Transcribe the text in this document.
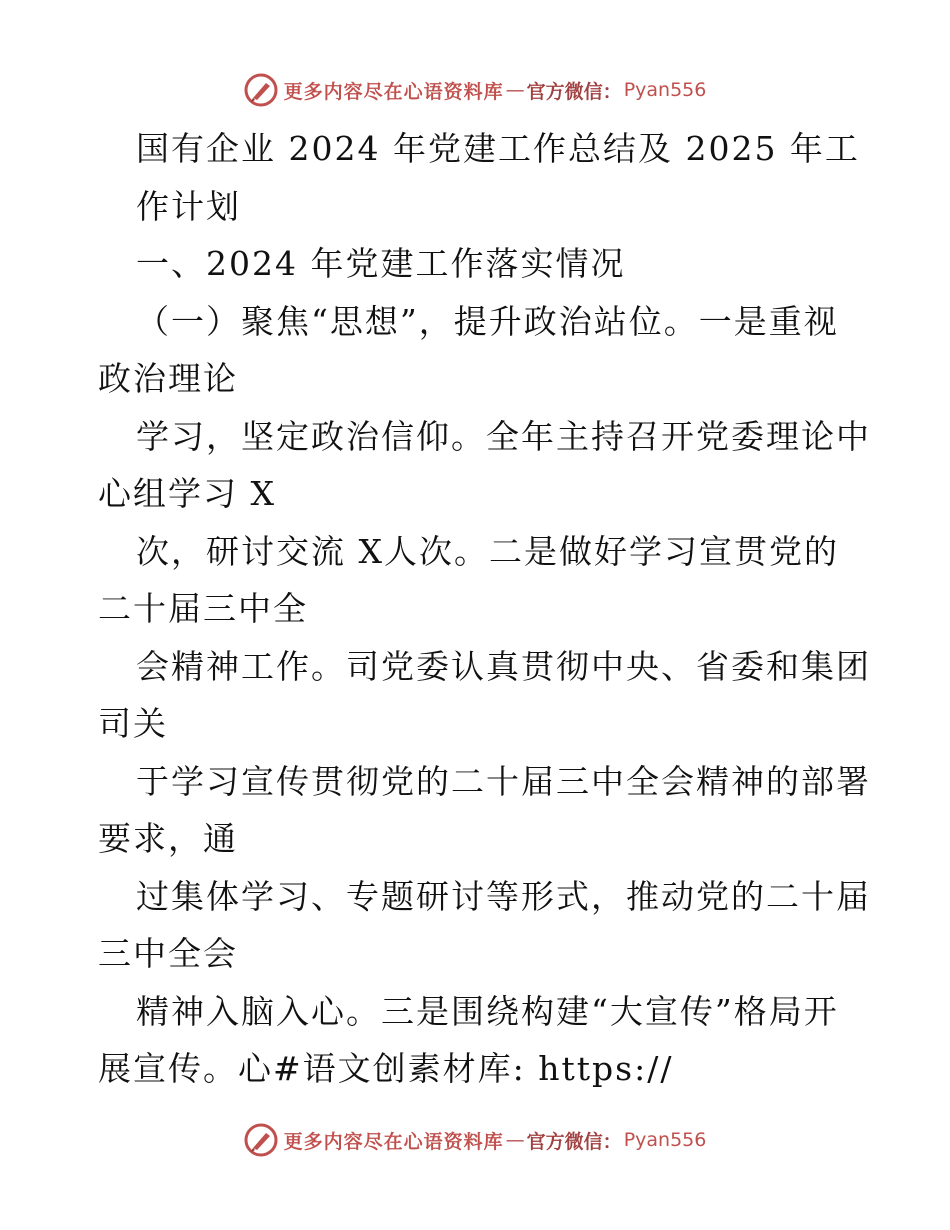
更多内容尽在心语资料库 — 官方微信： Pyan556
国有企业 2024 年党建工作总结及 2025 年工
作计划
一、2024 年党建工作落实情况
（一）聚焦“思想”，提升政治站位。一是重视
政治理论
学习，坚定政治信仰。全年主持召开党委理论中
心组学习 X
次，研讨交流 X人次。二是做好学习宣贯党的
二十届三中全
会精神工作。司党委认真贯彻中央、省委和集团
司关
于学习宣传贯彻党的二十届三中全会精神的部署
要求，通
过集体学习、专题研讨等形式，推动党的二十届
三中全会
精神入脑入心。三是围绕构建“大宣传”格局开
展宣传。心#语文创素材库: https://
更多内容尽在心语资料库 — 官方微信： Pyan556
